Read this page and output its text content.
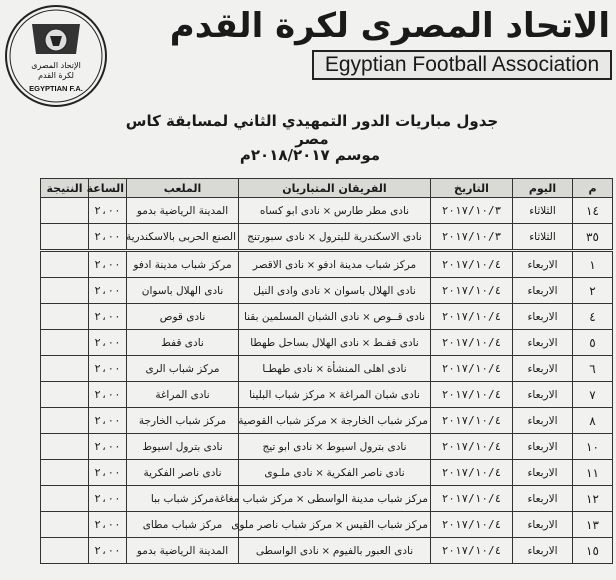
الإتحاد المصرى
لكرة القدم
EGYPTIAN F.A.
الاتحاد المصرى لكرة القدم
Egyptian Football Association
جدول مباريات الدور التمهيدي الثاني لمسابقة كاس مصر
موسم ٢٠١٨/٢٠١٧م
م	اليوم	التاريخ	الفريقان المتباريان	الملعب	الساعة	النتيجة
١٤	الثلاثاء	٢٠١٧/١٠/٣	نادى مطر طارس×نادى ابو كساه	المدينة الرياضية بدمو	٢،٠٠	
٣٥	الثلاثاء	٢٠١٧/١٠/٣	نادى الاسكندرية للبترول×نادى سبورتنج	الصنع الحربى بالاسكندرية	٢،٠٠	
١	الاربعاء	٢٠١٧/١٠/٤	مركز شباب مدينة ادفو×نادى الاقصر	مركز شباب مدينة ادفو	٢،٠٠	
٢	الاربعاء	٢٠١٧/١٠/٤	نادى الهلال باسوان×نادى وادى النيل	نادى الهلال باسوان	٢،٠٠	
٤	الاربعاء	٢٠١٧/١٠/٤	نادى قــوص×نادى الشبان المسلمين بقنا	نادى قوص	٢،٠٠	
٥	الاربعاء	٢٠١٧/١٠/٤	نادى قفـط×نادى الهلال بساحل طهطا	نادى قفط	٢،٠٠	
٦	الاربعاء	٢٠١٧/١٠/٤	نادى اهلى المنشأة×نادى طهطـا	مركز شباب الرى	٢،٠٠	
٧	الاربعاء	٢٠١٧/١٠/٤	نادى شبان المراغة×مركز شباب البلينا	نادى المراغة	٢،٠٠	
٨	الاربعاء	٢٠١٧/١٠/٤	مركز شباب الخارجة×مركز شباب القوصية	مركز شباب الخارجة	٢،٠٠	
١٠	الاربعاء	٢٠١٧/١٠/٤	نادى بترول اسيوط×نادى ابو تيج	نادى بترول اسيوط	٢،٠٠	
١١	الاربعاء	٢٠١٧/١٠/٤	نادى ناصر الفكرية×نادى ملـوى	نادى ناصر الفكرية	٢،٠٠	
١٢	الاربعاء	٢٠١٧/١٠/٤	مركز شباب مدينة الواسطى×مركز شباب مغاغة	مركز شباب ببا	٢،٠٠	
١٣	الاربعاء	٢٠١٧/١٠/٤	مركز شباب القيس×مركز شباب ناصر ملوى	مركز شباب مطاى	٢،٠٠	
١٥	الاربعاء	٢٠١٧/١٠/٤	نادى العبور بالفيوم×نادى الواسطى	المدينة الرياضية بدمو	٢،٠٠	
